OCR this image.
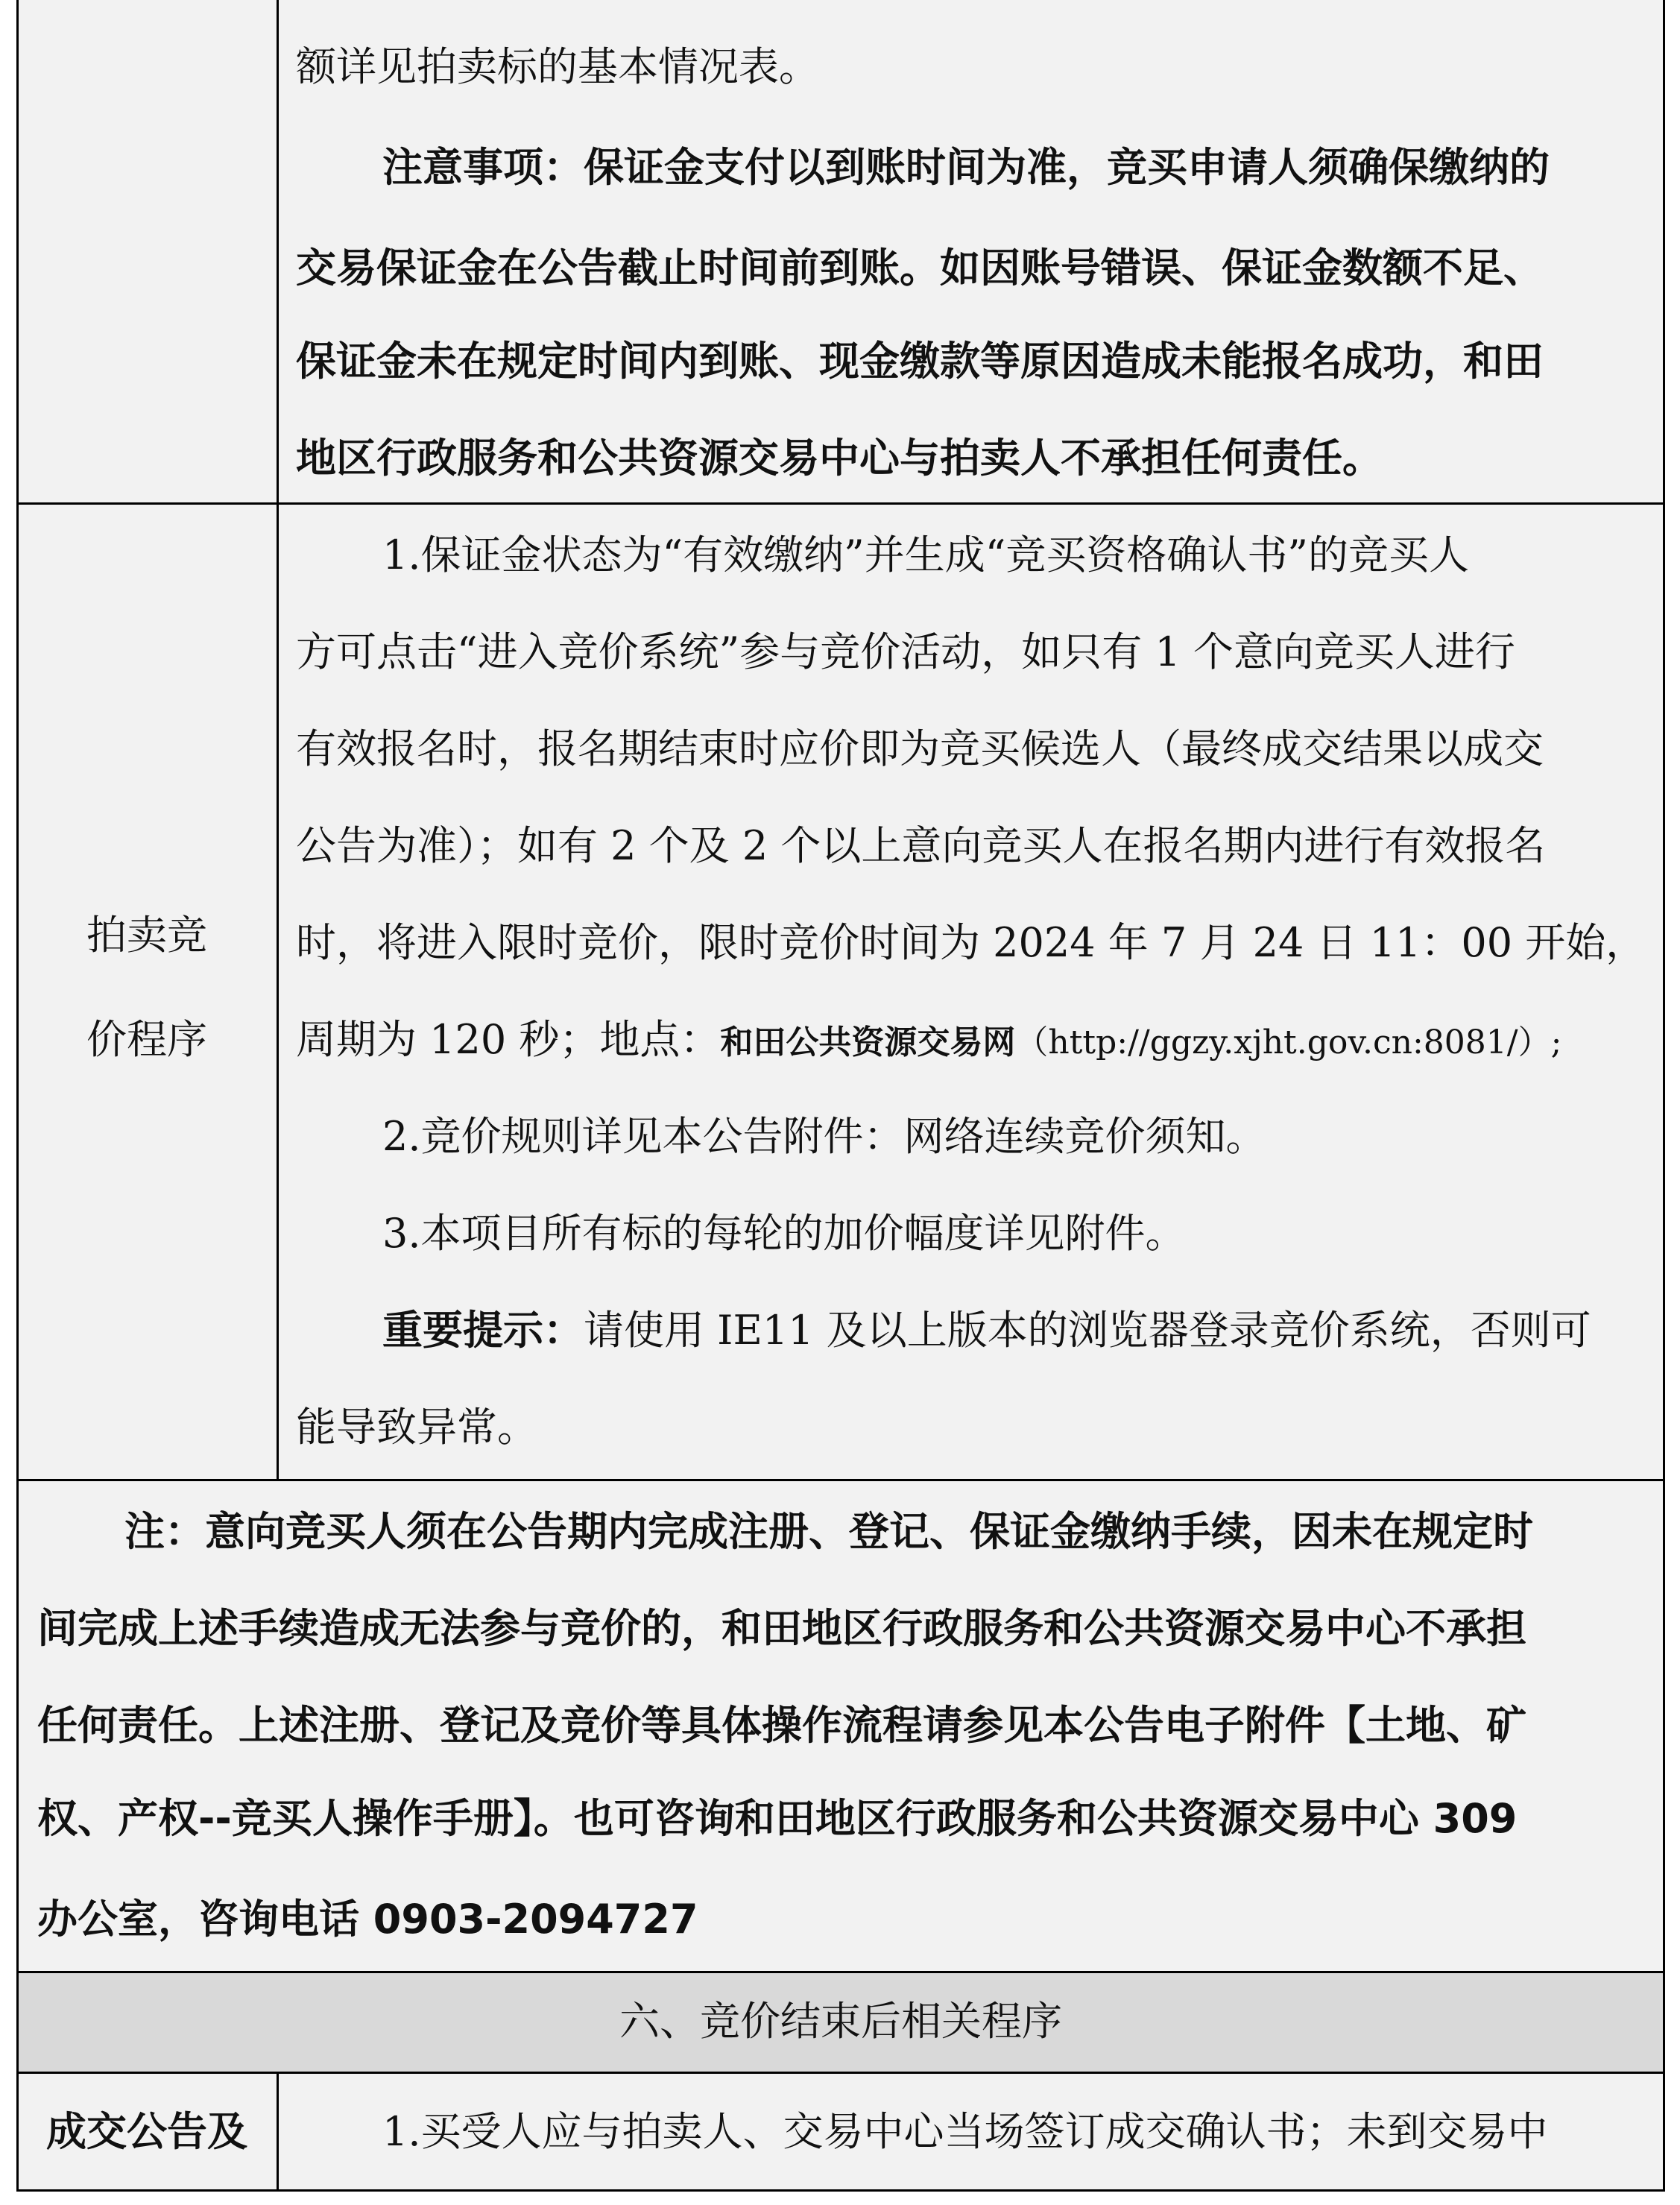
额详见拍卖标的基本情况表。
注意事项：保证金支付以到账时间为准，竞买申请人须确保缴纳的
交易保证金在公告截止时间前到账。如因账号错误、保证金数额不足、
保证金未在规定时间内到账、现金缴款等原因造成未能报名成功，和田
地区行政服务和公共资源交易中心与拍卖人不承担任何责任。
拍卖竞
价程序
1.保证金状态为“有效缴纳”并生成“竞买资格确认书”的竞买人
方可点击“进入竞价系统”参与竞价活动，如只有 1 个意向竞买人进行
有效报名时，报名期结束时应价即为竞买候选人（最终成交结果以成交
公告为准）；如有 2 个及 2 个以上意向竞买人在报名期内进行有效报名
时，将进入限时竞价，限时竞价时间为 2024 年 7 月 24 日 11：00 开始，
周期为 120 秒；地点：和田公共资源交易网（http://ggzy.xjht.gov.cn:8081/）;
2.竞价规则详见本公告附件：网络连续竞价须知。
3.本项目所有标的每轮的加价幅度详见附件。
重要提示：请使用 IE11 及以上版本的浏览器登录竞价系统，否则可
能导致异常。
注：意向竞买人须在公告期内完成注册、登记、保证金缴纳手续，因未在规定时
间完成上述手续造成无法参与竞价的，和田地区行政服务和公共资源交易中心不承担
任何责任。上述注册、登记及竞价等具体操作流程请参见本公告电子附件【土地、矿
权、产权--竞买人操作手册】。也可咨询和田地区行政服务和公共资源交易中心 309
办公室，咨询电话 0903-2094727
六、竞价结束后相关程序
成交公告及	1.买受人应与拍卖人、交易中心当场签订成交确认书；未到交易中
